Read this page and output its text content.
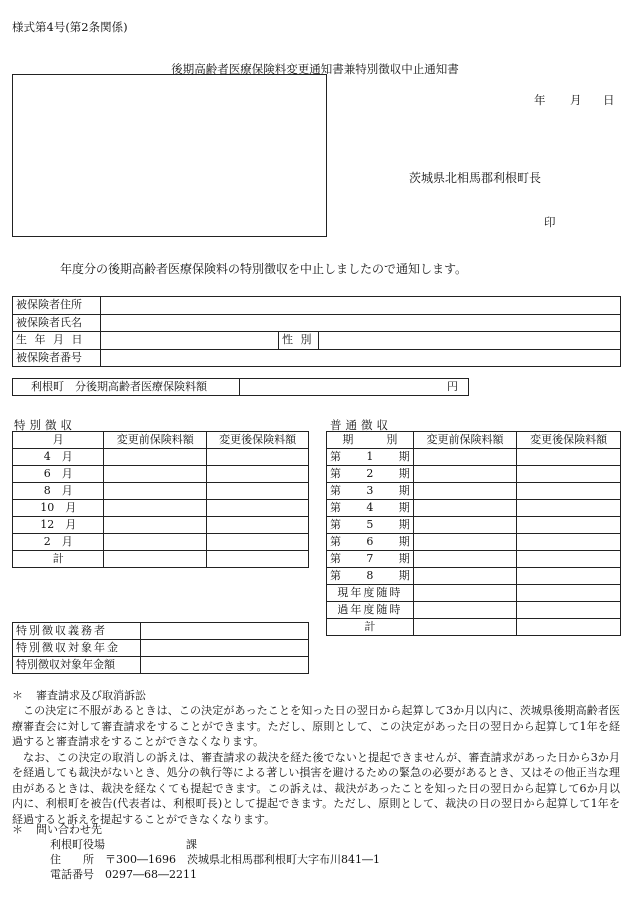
様式第4号(第2条関係)
後期高齢者医療保険料変更通知書兼特別徴収中止通知書
年 月 日
茨城県北相馬郡利根町長
印
年度分の後期高齢者医療保険料の特別徴収を中止しましたので通知します。
被保険者住所			
被保険者氏名			
生 年 月 日		性 別	
被保険者番号			
利根町　分後期高齢者医療保険料額	円
特別徴収	普通徴収
月	変更前保険料額	変更後保険料額
4　月		
6　月		
8　月		
10　月		
12　月		
2　月		
計		
期　　　別	変更前保険料額	変更後保険料額

第 1 期		

第 2 期		

第 3 期		

第 4 期		

第 5 期		

第 6 期		

第 7 期		

第 8 期		

現年度随時		
過年度随時		
計		
特別徴収義務者	
特別徴収対象年金	
特別徴収対象年金額	
＊ 審査請求及び取消訴訟

この決定に不服があるときは、この決定があったことを知った日の翌日から起算して3か月以内に、茨城県後期高齢者医療審査会に対して審査請求をすることができます。ただし、原則として、この決定があった日の翌日から起算して1年を経過すると審査請求をすることができなくなります。

なお、この決定の取消しの訴えは、審査請求の裁決を経た後でないと提起できませんが、審査請求があった日から3か月を経過しても裁決がないとき、処分の執行等による著しい損害を避けるための緊急の必要があるとき、又はその他正当な理由があるときは、裁決を経なくても提起できます。この訴えは、裁決があったことを知った日の翌日から起算して6か月以内に、利根町を被告(代表者は、利根町長)として提起できます。ただし、原則として、裁決の日の翌日から起算して1年を経過すると訴えを提起することができなくなります。

＊ 問い合わせ先
利根町役場	課
住　　所　〒300―1696　茨城県北相馬郡利根町大字布川841―1
電話番号　0297―68―2211
